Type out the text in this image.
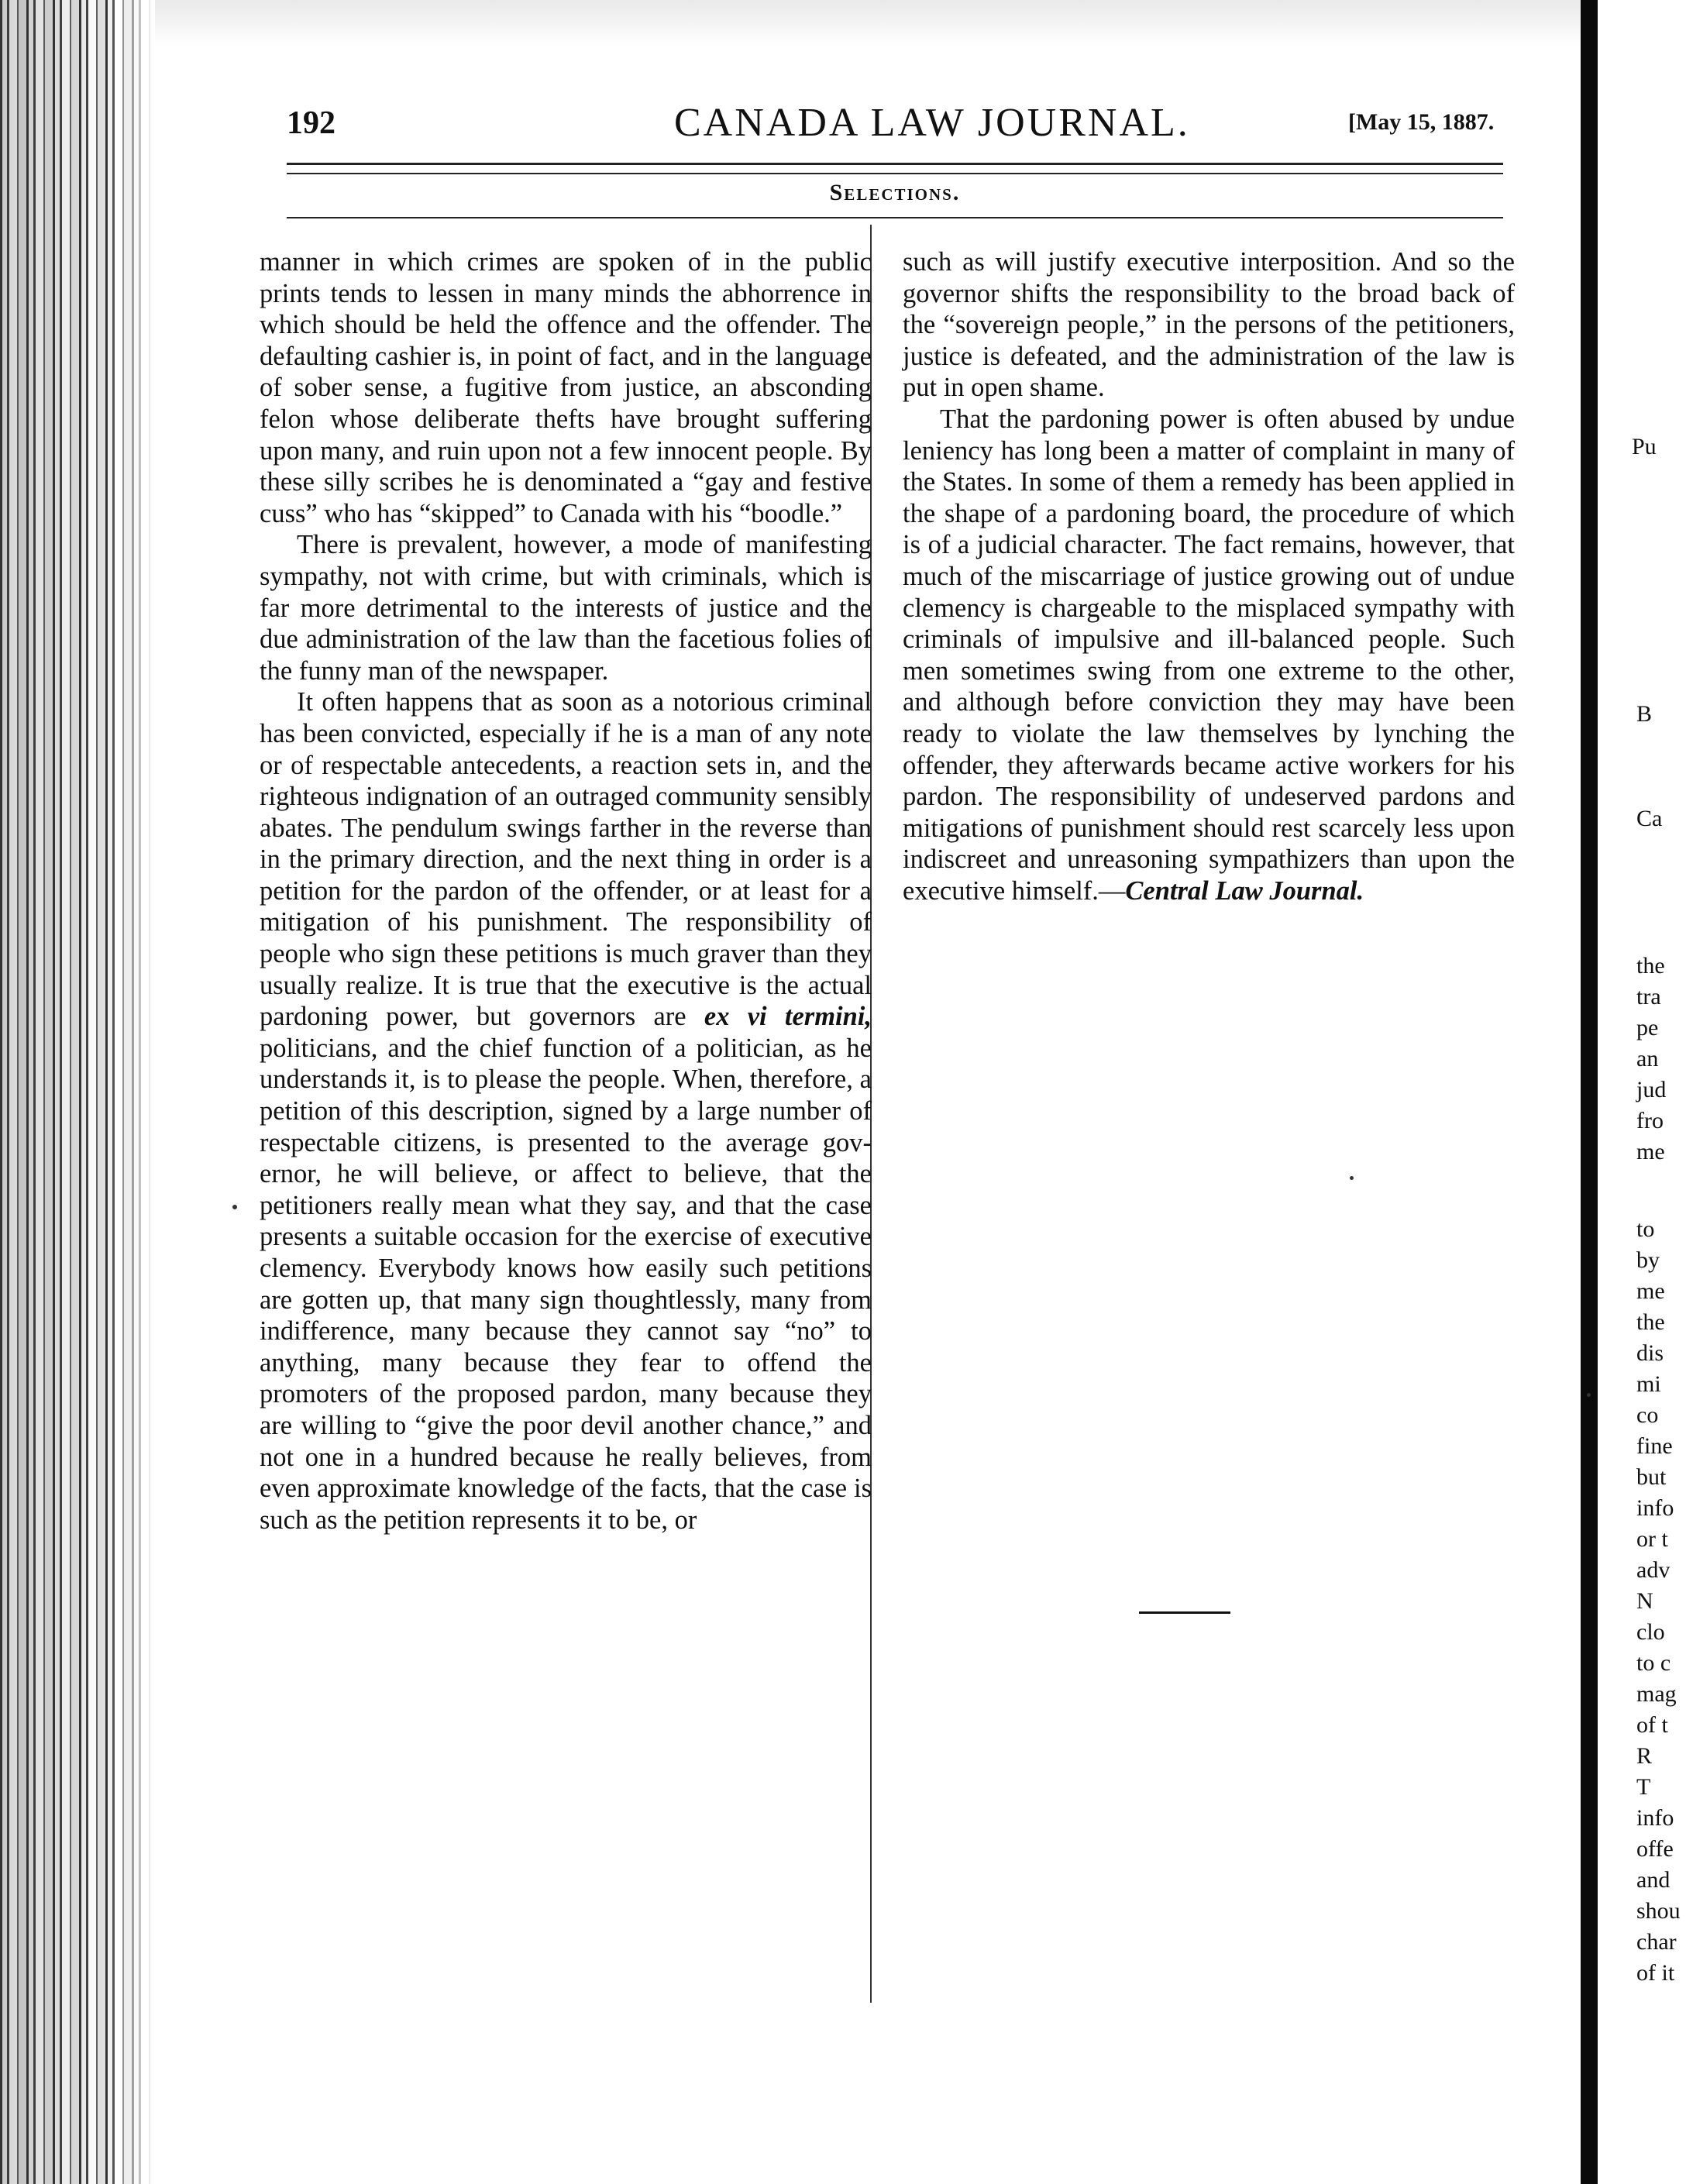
192	CANADA LAW JOURNAL.	[May 15, 1887.
Selections.

manner in which crimes are spoken of in the public prints tends to lessen in many minds the abhorrence in which should be held the offence and the offender. The defaulting cashier is, in point of fact, and in the language of sober sense, a fugitive from justice, an absconding felon whose deliberate thefts have brought suffering upon many, and ruin upon not a few innocent people. By these silly scribes he is denominated a “gay and festive cuss” who has “skipped” to Canada with his “boodle.”

There is prevalent, however, a mode of manifesting sympathy, not with crime, but with criminals, which is far more detrimental to the interests of justice and the due administration of the law than the facetious folies of the funny man of the newspaper.

It often happens that as soon as a notorious criminal has been convicted, especially if he is a man of any note or of respectable antecedents, a reaction sets in, and the righteous indignation of an outraged community sensibly abates. The pendulum swings farther in the reverse than in the primary direction, and the next thing in order is a petition for the pardon of the offender, or at least for a mitigation of his punishment. The responsibility of people who sign these petitions is much graver than they usually realize. It is true that the executive is the actual pardoning power, but governors are ex vi termini, politicians, and the chief function of a politician, as he understands it, is to please the people. When, therefore, a petition of this description, signed by a large number of respectable citizens, is presented to the average governor, he will believe, or affect to believe, that the petitioners really mean what they say, and that the case presents a suitable occasion for the exercise of executive clemency. Everybody knows how easily such petitions are gotten up, that many sign thoughtlessly, many from indifference, many because they cannot say “no” to anything, many because they fear to offend the promoters of the proposed pardon, many because they are willing to “give the poor devil another chance,” and not one in a hundred because he really believes, from even approximate knowledge of the facts, that the case is such as the petition represents it to be, or

such as will justify executive interposition. And so the governor shifts the responsibility to the broad back of the “sovereign people,” in the persons of the petitioners, justice is defeated, and the administration of the law is put in open shame.

That the pardoning power is often abused by undue leniency has long been a matter of complaint in many of the States. In some of them a remedy has been applied in the shape of a pardoning board, the procedure of which is of a judicial character. The fact remains, however, that much of the miscarriage of justice growing out of undue clemency is chargeable to the misplaced sympathy with criminals of impulsive and ill-balanced people. Such men sometimes swing from one extreme to the other, and although before conviction they may have been ready to violate the law themselves by lynching the offender, they afterwards became active workers for his pardon. The responsibility of undeserved pardons and mitigations of punishment should rest scarcely less upon indiscreet and unreasoning sympathizers than upon the executive himself.—Central Law Journal.

Pu
B
Ca
the
tra
pe
an
jud
fro
me
to
by
me
the
dis
mi
co
fine
but
info
or t
adv
N
clo
to c
mag
of t
R
T
info
offe
and
shou
char
of it
